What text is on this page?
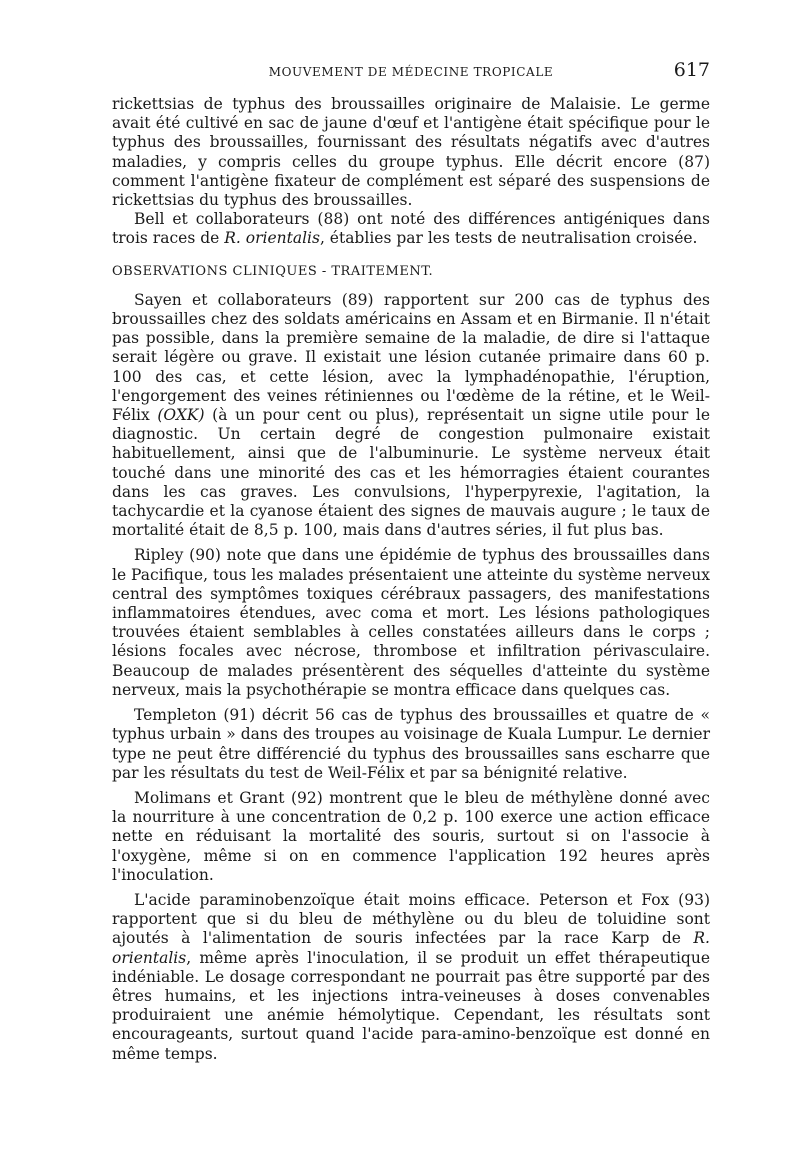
MOUVEMENT DE MÉDECINE TROPICALE	617

rickettsias de typhus des broussailles originaire de Malaisie. Le germe avait été cultivé en sac de jaune d'œuf et l'antigène était spécifique pour le typhus des broussailles, fournissant des résultats négatifs avec d'autres maladies, y compris celles du groupe typhus. Elle décrit encore (87) comment l'antigène fixateur de complément est séparé des suspensions de rickettsias du typhus des broussailles.

Bell et collaborateurs (88) ont noté des différences antigéniques dans trois races de R. orientalis, établies par les tests de neutralisation croisée.

OBSERVATIONS CLINIQUES - TRAITEMENT.

Sayen et collaborateurs (89) rapportent sur 200 cas de typhus des broussailles chez des soldats américains en Assam et en Birmanie. Il n'était pas possible, dans la première semaine de la maladie, de dire si l'attaque serait légère ou grave. Il existait une lésion cutanée primaire dans 60 p. 100 des cas, et cette lésion, avec la lymphadénopathie, l'éruption, l'engorgement des veines rétiniennes ou l'œdème de la rétine, et le Weil-Félix (OXK) (à un pour cent ou plus), représentait un signe utile pour le diagnostic. Un certain degré de congestion pulmonaire existait habituellement, ainsi que de l'albuminurie. Le système nerveux était touché dans une minorité des cas et les hémorragies étaient courantes dans les cas graves. Les convulsions, l'hyperpyrexie, l'agitation, la tachycardie et la cyanose étaient des signes de mauvais augure ; le taux de mortalité était de 8,5 p. 100, mais dans d'autres séries, il fut plus bas.

Ripley (90) note que dans une épidémie de typhus des broussailles dans le Pacifique, tous les malades présentaient une atteinte du système nerveux central des symptômes toxiques cérébraux passagers, des manifestations inflammatoires étendues, avec coma et mort. Les lésions pathologiques trouvées étaient semblables à celles constatées ailleurs dans le corps ; lésions focales avec nécrose, thrombose et infiltration périvasculaire. Beaucoup de malades présentèrent des séquelles d'atteinte du système nerveux, mais la psychothérapie se montra efficace dans quelques cas.

Templeton (91) décrit 56 cas de typhus des broussailles et quatre de « typhus urbain » dans des troupes au voisinage de Kuala Lumpur. Le dernier type ne peut être différencié du typhus des broussailles sans escharre que par les résultats du test de Weil-Félix et par sa bénignité relative.

Molimans et Grant (92) montrent que le bleu de méthylène donné avec la nourriture à une concentration de 0,2 p. 100 exerce une action efficace nette en réduisant la mortalité des souris, surtout si on l'associe à l'oxygène, même si on en commence l'application 192 heures après l'inoculation.

L'acide paraminobenzoïque était moins efficace. Peterson et Fox (93) rapportent que si du bleu de méthylène ou du bleu de toluidine sont ajoutés à l'alimentation de souris infectées par la race Karp de R. orientalis, même après l'inoculation, il se produit un effet thérapeutique indéniable. Le dosage correspondant ne pourrait pas être supporté par des êtres humains, et les injections intra-veineuses à doses convenables produiraient une anémie hémolytique. Cependant, les résultats sont encourageants, surtout quand l'acide para-amino-benzoïque est donné en même temps.
